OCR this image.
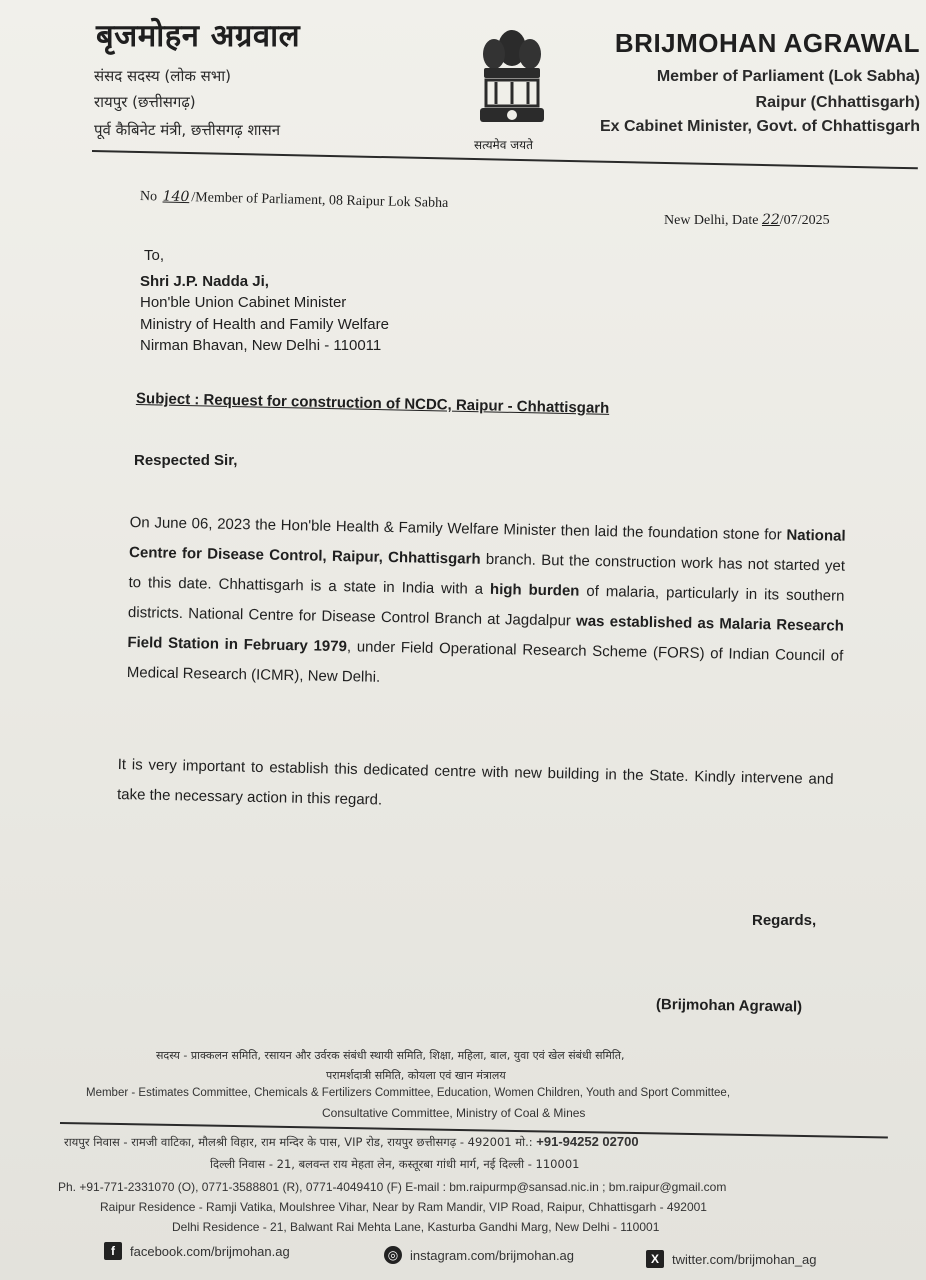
बृजमोहन अग्रवाल
संसद सदस्य (लोक सभा)
रायपुर (छत्तीसगढ़)
पूर्व कैबिनेट मंत्री, छत्तीसगढ़ शासन
सत्यमेव जयते
BRIJMOHAN AGRAWAL
Member of Parliament (Lok Sabha)
Raipur (Chhattisgarh)
Ex Cabinet Minister, Govt. of Chhattisgarh
No 140 /Member of Parliament, 08 Raipur Lok Sabha
New Delhi, Date 22/07/2025
To,
Shri J.P. Nadda Ji,
Hon'ble Union Cabinet Minister
Ministry of Health and Family Welfare
Nirman Bhavan, New Delhi - 110011
Subject : Request for construction of NCDC, Raipur - Chhattisgarh
Respected Sir,
On June 06, 2023 the Hon'ble Health & Family Welfare Minister then laid the foundation stone for National Centre for Disease Control, Raipur, Chhattisgarh branch. But the construction work has not started yet to this date. Chhattisgarh is a state in India with a high burden of malaria, particularly in its southern districts. National Centre for Disease Control Branch at Jagdalpur was established as Malaria Research Field Station in February 1979, under Field Operational Research Scheme (FORS) of Indian Council of Medical Research (ICMR), New Delhi.
It is very important to establish this dedicated centre with new building in the State. Kindly intervene and take the necessary action in this regard.
Regards,
(Brijmohan Agrawal)
सदस्य - प्राक्कलन समिति, रसायन और उर्वरक संबंधी स्थायी समिति, शिक्षा, महिला, बाल, युवा एवं खेल संबंधी समिति,
परामर्शदात्री समिति, कोयला एवं खान मंत्रालय
Member - Estimates Committee, Chemicals & Fertilizers Committee, Education, Women Children, Youth and Sport Committee,
Consultative Committee, Ministry of Coal & Mines
रायपुर निवास - रामजी वाटिका, मौलश्री विहार, राम मन्दिर के पास, VIP रोड, रायपुर छत्तीसगढ़ - 492001 मो.: +91-94252 02700
दिल्ली निवास - 21, बलवन्त राय मेहता लेन, कस्तूरबा गांधी मार्ग, नई दिल्ली - 110001
Ph. +91-771-2331070 (O), 0771-3588801 (R), 0771-4049410 (F) E-mail : bm.raipurmp@sansad.nic.in ; bm.raipur@gmail.com
Raipur Residence - Ramji Vatika, Moulshree Vihar, Near by Ram Mandir, VIP Road, Raipur, Chhattisgarh - 492001
Delhi Residence - 21, Balwant Rai Mehta Lane, Kasturba Gandhi Marg, New Delhi - 110001
f	facebook.com/brijmohan.ag	◎ instagram.com/brijmohan.ag	X	twitter.com/brijmohan_ag
